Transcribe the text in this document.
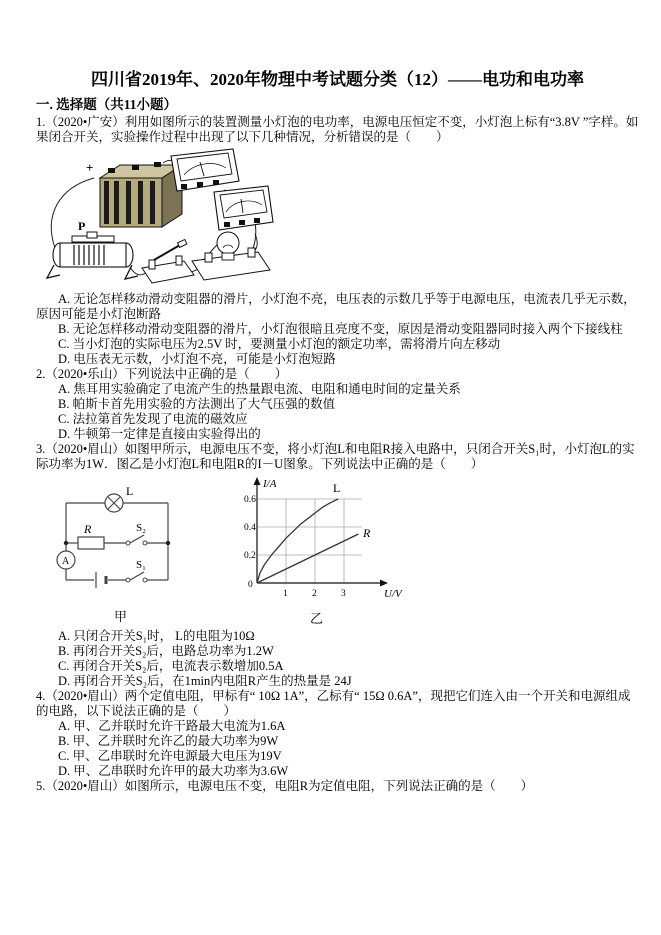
四川省2019年、2020年物理中考试题分类（12）——电功和电功率
一. 选择题（共11小题）

1.（2020•广安）利用如图所示的装置测量小灯泡的电功率，电源电压恒定不变，小灯泡上标有“3.8V ”字样。如果闭合开关，实验操作过程中出现了以下几种情况，分析错误的是（　　）

+
P

A. 无论怎样移动滑动变阻器的滑片，小灯泡不亮，电压表的示数几乎等于电源电压，电流表几乎无示数，原因可能是小灯泡断路

B. 无论怎样移动滑动变阻器的滑片，小灯泡很暗且亮度不变，原因是滑动变阻器同时接入两个下接线柱

C. 当小灯泡的实际电压为2.5V 时，要测量小灯泡的额定功率，需将滑片向左移动

D. 电压表无示数，小灯泡不亮，可能是小灯泡短路

2.（2020•乐山）下列说法中正确的是（　　）

A. 焦耳用实验确定了电流产生的热量跟电流、电阻和通电时间的定量关系

B. 帕斯卡首先用实验的方法测出了大气压强的数值

C. 法拉第首先发现了电流的磁效应

D. 牛顿第一定律是直接由实验得出的

3.（2020•眉山）如图甲所示，电源电压不变，将小灯泡L和电阻R接入电路中，只闭合开关S₁时，小灯泡L的实际功率为1W．图乙是小灯泡L和电阻R的I－U图象。下列说法中正确的是（　　）

L
R	S₂
A	S₁
甲
0.6
0.4
0.2
0
1	2	3
I/A
U/V
L
R
乙

A. 只闭合开关S₁时， L的电阻为10Ω

B. 再闭合开关S₂后，电路总功率为1.2W

C. 再闭合开关S₂后，电流表示数增加0.5A

D. 再闭合开关S₂后，在1min内电阻R产生的热量是 24J

4.（2020•眉山）两个定值电阻，甲标有“ 10Ω 1A”，乙标有“ 15Ω 0.6A”，现把它们连入由一个开关和电源组成的电路，以下说法正确的是（　　）

A. 甲、乙并联时允许干路最大电流为1.6A

B. 甲、乙并联时允许乙的最大功率为9W

C. 甲、乙串联时允许电源最大电压为19V

D. 甲、乙串联时允许甲的最大功率为3.6W

5.（2020•眉山）如图所示，电源电压不变，电阻R为定值电阻，下列说法正确的是（　　）
